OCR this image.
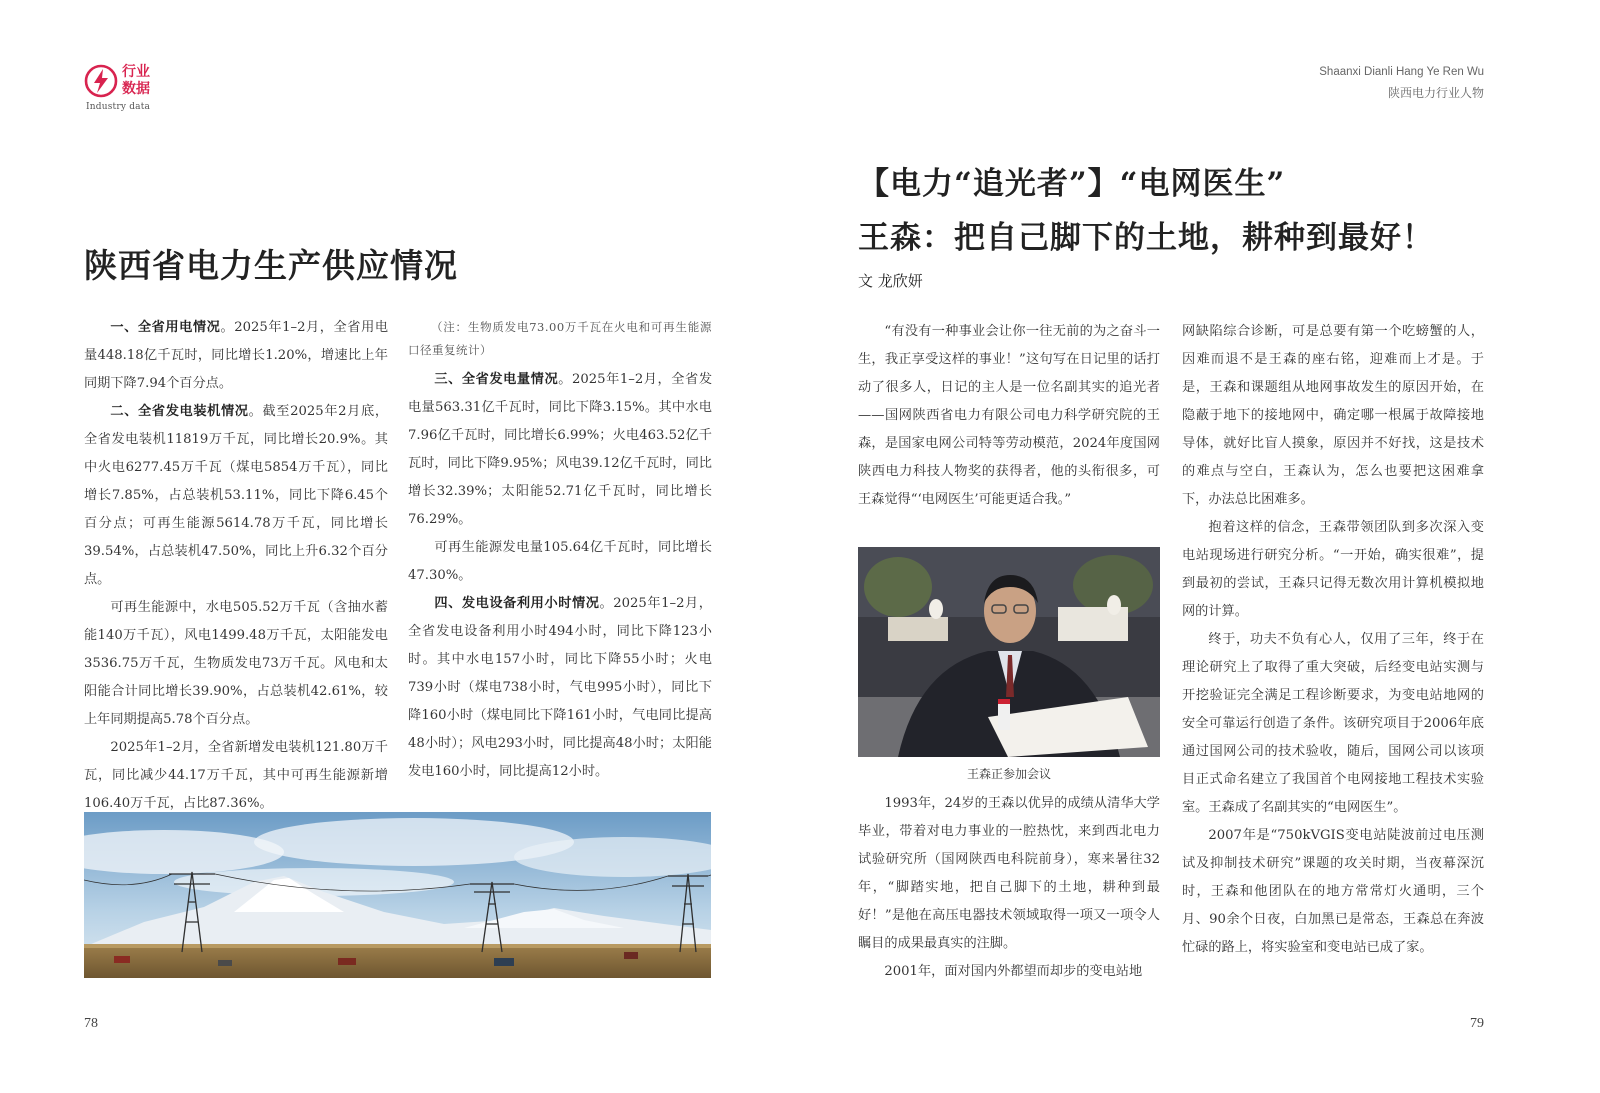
行业
数据
Industry data
陕西省电力生产供应情况

一、全省用电情况。2025年1–2月，全省用电量448.18亿千瓦时，同比增长1.20%，增速比上年同期下降7.94个百分点。

二、全省发电装机情况。截至2025年2月底，全省发电装机11819万千瓦，同比增长20.9%。其中火电6277.45万千瓦（煤电5854万千瓦），同比增长7.85%，占总装机53.11%，同比下降6.45个百分点；可再生能源5614.78万千瓦，同比增长39.54%，占总装机47.50%，同比上升6.32个百分点。

可再生能源中，水电505.52万千瓦（含抽水蓄能140万千瓦），风电1499.48万千瓦，太阳能发电3536.75万千瓦，生物质发电73万千瓦。风电和太阳能合计同比增长39.90%，占总装机42.61%，较上年同期提高5.78个百分点。

2025年1–2月，全省新增发电装机121.80万千瓦，同比减少44.17万千瓦，其中可再生能源新增106.40万千瓦，占比87.36%。

（注：生物质发电73.00万千瓦在火电和可再生能源口径重复统计）

三、全省发电量情况。2025年1–2月，全省发电量563.31亿千瓦时，同比下降3.15%。其中水电7.96亿千瓦时，同比增长6.99%；火电463.52亿千瓦时，同比下降9.95%；风电39.12亿千瓦时，同比增长32.39%；太阳能52.71亿千瓦时，同比增长76.29%。

可再生能源发电量105.64亿千瓦时，同比增长47.30%。

四、发电设备利用小时情况。2025年1–2月，全省发电设备利用小时494小时，同比下降123小时。其中水电157小时，同比下降55小时；火电739小时（煤电738小时，气电995小时），同比下降160小时（煤电同比下降161小时，气电同比提高48小时）；风电293小时，同比提高48小时；太阳能发电160小时，同比提高12小时。

78
Shaanxi Dianli Hang Ye Ren Wu
陕西电力行业人物
【电力“追光者”】“电网医生”
王森：把自己脚下的土地，耕种到最好！
文 龙欣妍

“有没有一种事业会让你一往无前的为之奋斗一生，我正享受这样的事业！”这句写在日记里的话打动了很多人，日记的主人是一位名副其实的追光者——国网陕西省电力有限公司电力科学研究院的王森，是国家电网公司特等劳动模范，2024年度国网陕西电力科技人物奖的获得者，他的头衔很多，可王森觉得“‘电网医生’可能更适合我。”

王森正参加会议

1993年，24岁的王森以优异的成绩从清华大学毕业，带着对电力事业的一腔热忱，来到西北电力试验研究所（国网陕西电科院前身），寒来暑往32年，“脚踏实地，把自己脚下的土地，耕种到最好！”是他在高压电器技术领域取得一项又一项令人瞩目的成果最真实的注脚。

2001年，面对国内外都望而却步的变电站地

网缺陷综合诊断，可是总要有第一个吃螃蟹的人，因难而退不是王森的座右铭，迎难而上才是。于是，王森和课题组从地网事故发生的原因开始，在隐蔽于地下的接地网中，确定哪一根属于故障接地导体，就好比盲人摸象，原因并不好找，这是技术的难点与空白，王森认为，怎么也要把这困难拿下，办法总比困难多。

抱着这样的信念，王森带领团队到多次深入变电站现场进行研究分析。“一开始，确实很难”，提到最初的尝试，王森只记得无数次用计算机模拟地网的计算。

终于，功夫不负有心人，仅用了三年，终于在理论研究上了取得了重大突破，后经变电站实测与开挖验证完全满足工程诊断要求，为变电站地网的安全可靠运行创造了条件。该研究项目于2006年底通过国网公司的技术验收，随后，国网公司以该项目正式命名建立了我国首个电网接地工程技术实验室。王森成了名副其实的“电网医生”。

2007年是“750kVGIS变电站陡波前过电压测试及抑制技术研究”课题的攻关时期，当夜幕深沉时，王森和他团队在的地方常常灯火通明，三个月、90余个日夜，白加黑已是常态，王森总在奔波忙碌的路上，将实验室和变电站已成了家。

79
